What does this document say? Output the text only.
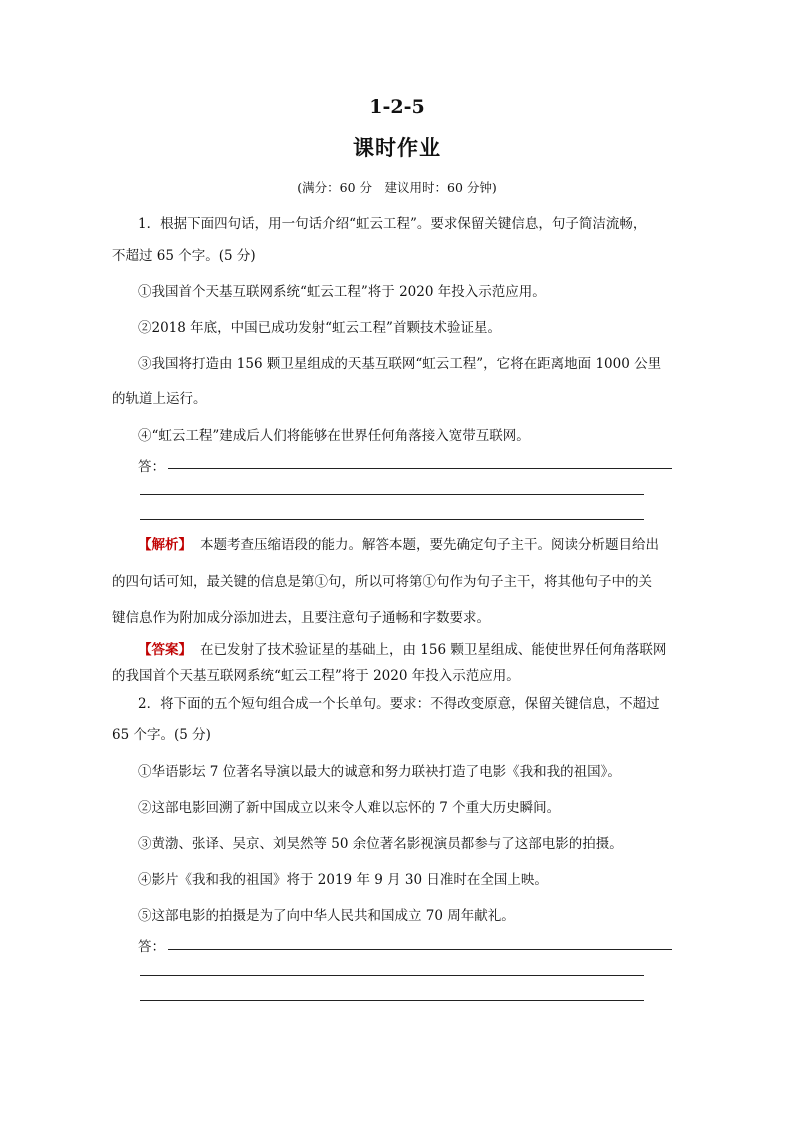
1-2-5
课时作业
(满分：60 分　建议用时：60 分钟)
1．根据下面四句话，用一句话介绍“虹云工程”。要求保留关键信息，句子简洁流畅，
不超过 65 个字。(5 分)
①我国首个天基互联网系统“虹云工程”将于 2020 年投入示范应用。
②2018 年底，中国已成功发射“虹云工程”首颗技术验证星。
③我国将打造由 156 颗卫星组成的天基互联网“虹云工程”，它将在距离地面 1000 公里
的轨道上运行。
④“虹云工程”建成后人们将能够在世界任何角落接入宽带互联网。
答：
【解析】 本题考查压缩语段的能力。解答本题，要先确定句子主干。阅读分析题目给出
的四句话可知，最关键的信息是第①句，所以可将第①句作为句子主干，将其他句子中的关
键信息作为附加成分添加进去，且要注意句子通畅和字数要求。
【答案】 在已发射了技术验证星的基础上，由 156 颗卫星组成、能使世界任何角落联网
的我国首个天基互联网系统“虹云工程”将于 2020 年投入示范应用。
2．将下面的五个短句组合成一个长单句。要求：不得改变原意，保留关键信息，不超过
65 个字。(5 分)
①华语影坛 7 位著名导演以最大的诚意和努力联袂打造了电影《我和我的祖国》。
②这部电影回溯了新中国成立以来令人难以忘怀的 7 个重大历史瞬间。
③黄渤、张译、吴京、刘昊然等 50 余位著名影视演员都参与了这部电影的拍摄。
④影片《我和我的祖国》将于 2019 年 9 月 30 日准时在全国上映。
⑤这部电影的拍摄是为了向中华人民共和国成立 70 周年献礼。
答：
